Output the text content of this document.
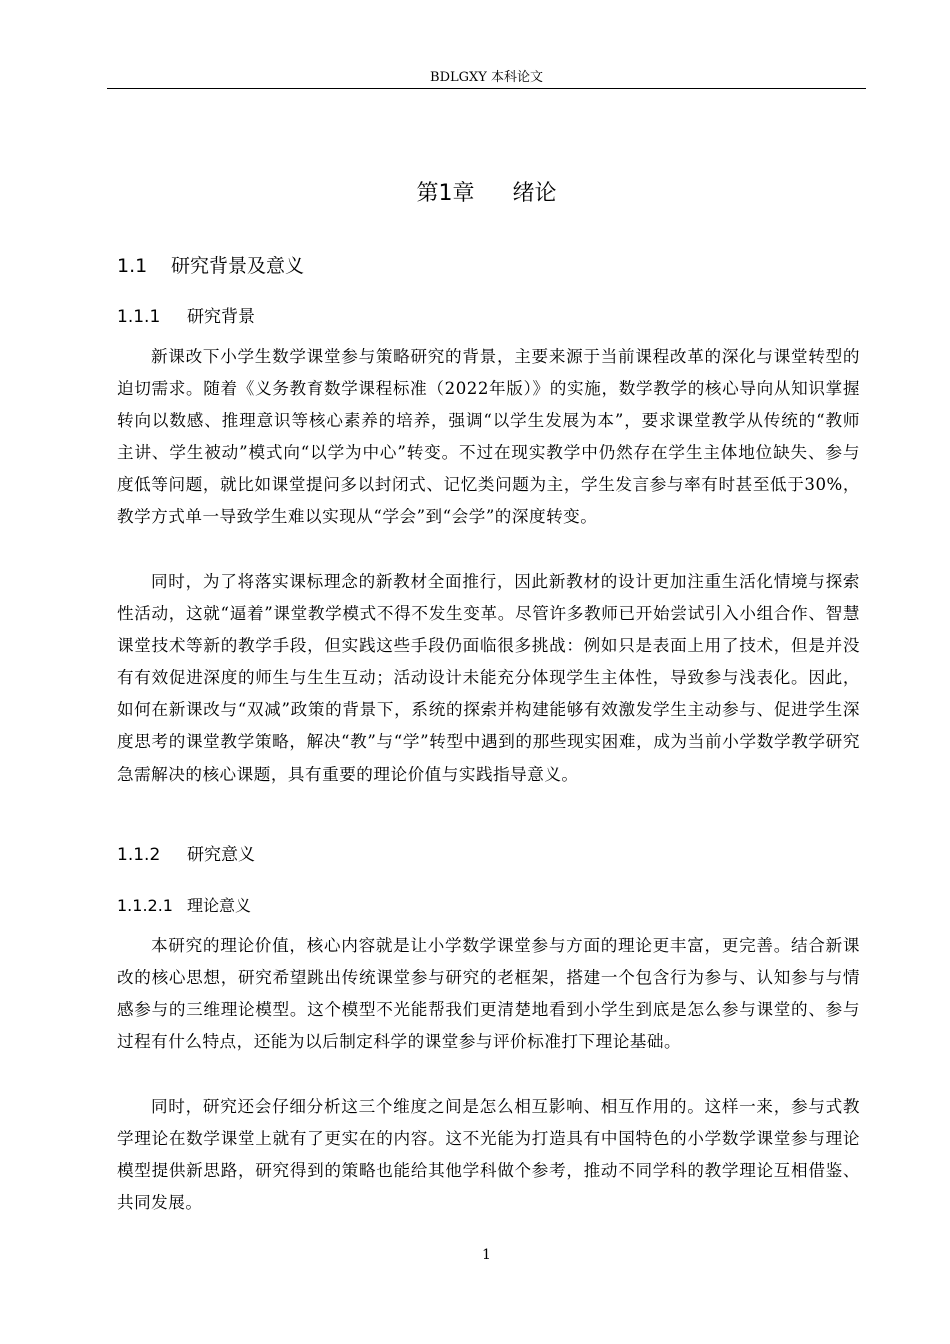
BDLGXY 本科论文
第1章 绪论
1.1 研究背景及意义
1.1.1 研究背景

新课改下小学生数学课堂参与策略研究的背景，主要来源于当前课程改革的深化与课堂转型的迫切需求。随着《义务教育数学课程标准（2022年版）》的实施，数学教学的核心导向从知识掌握转向以数感、推理意识等核心素养的培养，强调“以学生发展为本”，要求课堂教学从传统的“教师主讲、学生被动”模式向“以学为中心”转变。不过在现实教学中仍然存在学生主体地位缺失、参与度低等问题，就比如课堂提问多以封闭式、记忆类问题为主，学生发言参与率有时甚至低于30%，教学方式单一导致学生难以实现从“学会”到“会学”的深度转变。

同时，为了将落实课标理念的新教材全面推行，因此新教材的设计更加注重生活化情境与探索性活动，这就“逼着”课堂教学模式不得不发生变革。尽管许多教师已开始尝试引入小组合作、智慧课堂技术等新的教学手段，但实践这些手段仍面临很多挑战：例如只是表面上用了技术，但是并没有有效促进深度的师生与生生互动；活动设计未能充分体现学生主体性，导致参与浅表化。因此，如何在新课改与“双减”政策的背景下，系统的探索并构建能够有效激发学生主动参与、促进学生深度思考的课堂教学策略，解决“教”与“学”转型中遇到的那些现实困难，成为当前小学数学教学研究急需解决的核心课题，具有重要的理论价值与实践指导意义。

1.1.2 研究意义
1.1.2.1 理论意义

本研究的理论价值，核心内容就是让小学数学课堂参与方面的理论更丰富，更完善。结合新课改的核心思想，研究希望跳出传统课堂参与研究的老框架，搭建一个包含行为参与、认知参与与情感参与的三维理论模型。这个模型不光能帮我们更清楚地看到小学生到底是怎么参与课堂的、参与过程有什么特点，还能为以后制定科学的课堂参与评价标准打下理论基础。

同时，研究还会仔细分析这三个维度之间是怎么相互影响、相互作用的。这样一来，参与式教学理论在数学课堂上就有了更实在的内容。这不光能为打造具有中国特色的小学数学课堂参与理论模型提供新思路，研究得到的策略也能给其他学科做个参考，推动不同学科的教学理论互相借鉴、共同发展。

1
